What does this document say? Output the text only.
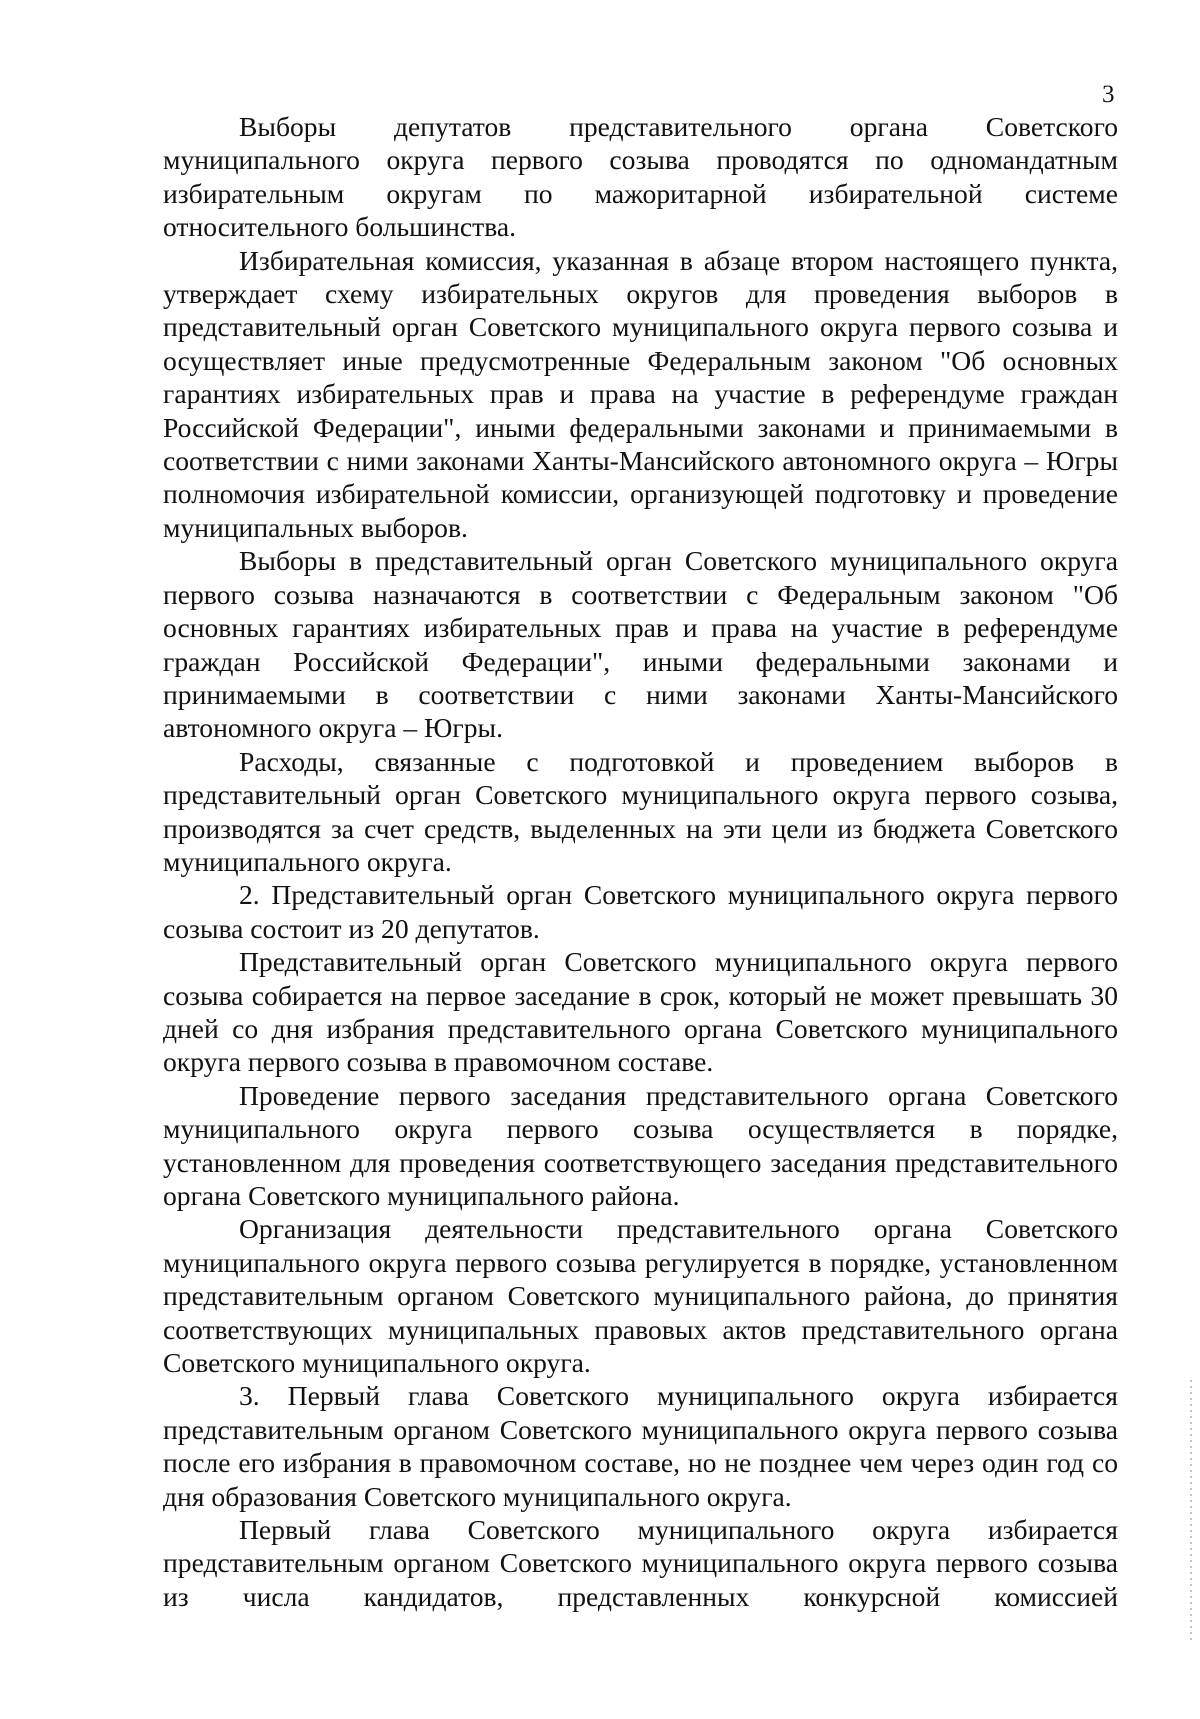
3

Выборы депутатов представительного органа Советского муниципального округа первого созыва проводятся по одномандатным избирательным округам по мажоритарной избирательной системе относительного большинства.

Избирательная комиссия, указанная в абзаце втором настоящего пункта, утверждает схему избирательных округов для проведения выборов в представительный орган Советского муниципального округа первого созыва и осуществляет иные предусмотренные Федеральным законом "Об основных гарантиях избирательных прав и права на участие в референдуме граждан Российской Федерации", иными федеральными законами и принимаемыми в соответствии с ними законами Ханты-Мансийского автономного округа – Югры полномочия избирательной комиссии, организующей подготовку и проведение муниципальных выборов.

Выборы в представительный орган Советского муниципального округа первого созыва назначаются в соответствии с Федеральным законом "Об основных гарантиях избирательных прав и права на участие в референдуме граждан Российской Федерации", иными федеральными законами и принимаемыми в соответствии с ними законами Ханты-Мансийского автономного округа – Югры.

Расходы, связанные с подготовкой и проведением выборов в представительный орган Советского муниципального округа первого созыва, производятся за счет средств, выделенных на эти цели из бюджета Советского муниципального округа.

2. Представительный орган Советского муниципального округа первого созыва состоит из 20 депутатов.

Представительный орган Советского муниципального округа первого созыва собирается на первое заседание в срок, который не может превышать 30 дней со дня избрания представительного органа Советского муниципального округа первого созыва в правомочном составе.

Проведение первого заседания представительного органа Советского муниципального округа первого созыва осуществляется в порядке, установленном для проведения соответствующего заседания представительного органа Советского муниципального района.

Организация деятельности представительного органа Советского муниципального округа первого созыва регулируется в порядке, установленном представительным органом Советского муниципального района, до принятия соответствующих муниципальных правовых актов представительного органа Советского муниципального округа.

3. Первый глава Советского муниципального округа избирается представительным органом Советского муниципального округа первого созыва после его избрания в правомочном составе, но не позднее чем через один год со дня образования Советского муниципального округа.

Первый глава Советского муниципального округа избирается представительным органом Советского муниципального округа первого созыва из числа кандидатов, представленных конкурсной комиссией
